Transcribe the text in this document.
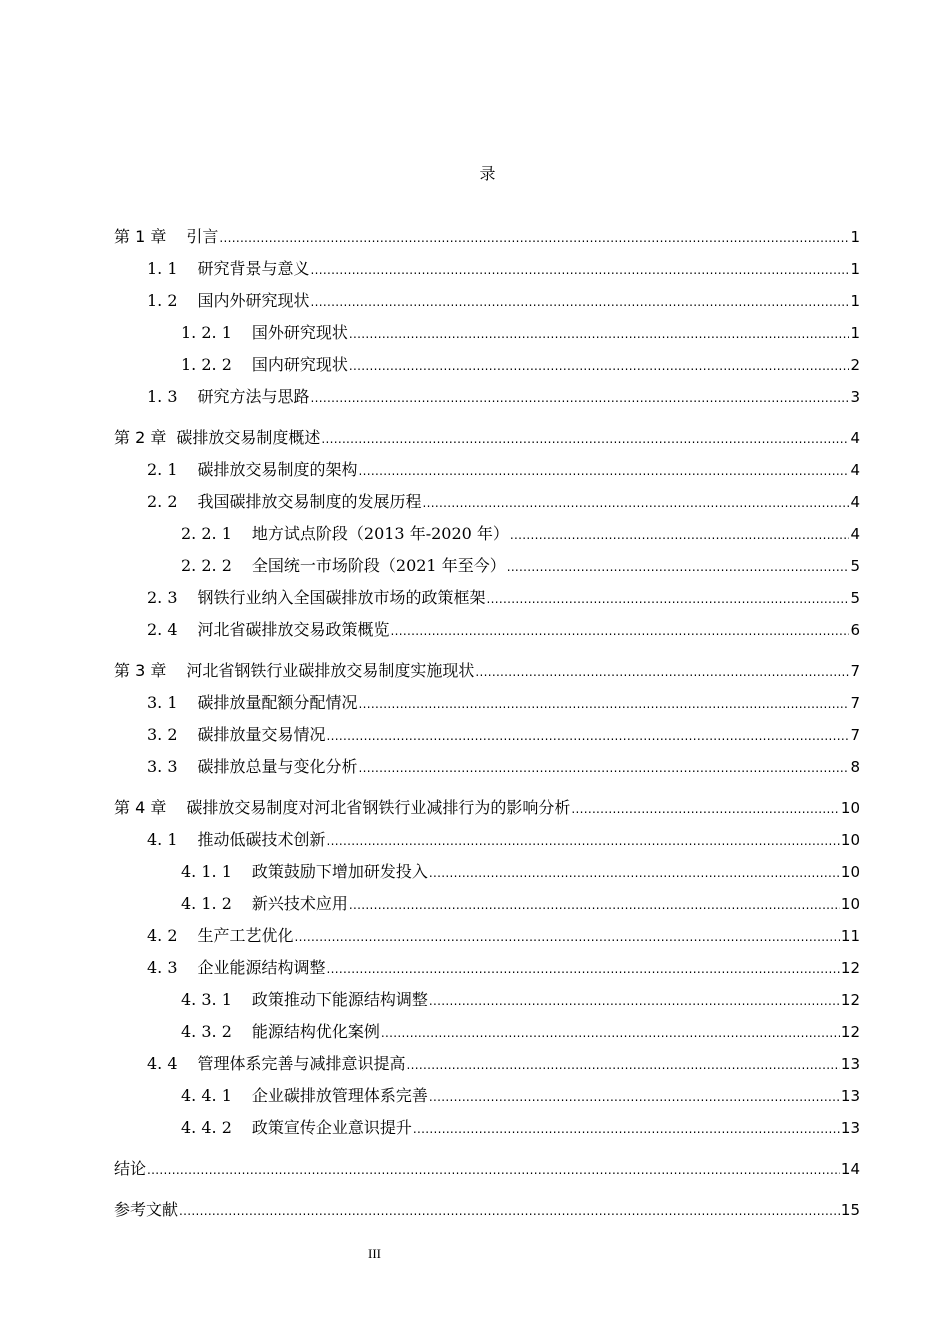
录
第 1 章 引言 .....	1
1. 1 研究背景与意义 .....	1
1. 2 国内外研究现状 .....	1
1. 2. 1 国外研究现状 .....	1
1. 2. 2 国内研究现状 .....	2
1. 3 研究方法与思路 .....	3
第 2 章 碳排放交易制度概述 .....	4
2. 1 碳排放交易制度的架构 .....	4
2. 2 我国碳排放交易制度的发展历程 .....	4
2. 2. 1 地方试点阶段（2013 年-2020 年） .....	4
2. 2. 2 全国统一市场阶段（2021 年至今） .....	5
2. 3 钢铁行业纳入全国碳排放市场的政策框架 .....	5
2. 4 河北省碳排放交易政策概览 .....	6
第 3 章 河北省钢铁行业碳排放交易制度实施现状 .....	7
3. 1 碳排放量配额分配情况 .....	7
3. 2 碳排放量交易情况 .....	7
3. 3 碳排放总量与变化分析 .....	8
第 4 章 碳排放交易制度对河北省钢铁行业减排行为的影响分析 .....	10
4. 1 推动低碳技术创新 .....	10
4. 1. 1 政策鼓励下增加研发投入 .....	10
4. 1. 2 新兴技术应用 .....	10
4. 2 生产工艺优化 .....	11
4. 3 企业能源结构调整 .....	12
4. 3. 1 政策推动下能源结构调整 .....	12
4. 3. 2 能源结构优化案例 .....	12
4. 4 管理体系完善与减排意识提高 .....	13
4. 4. 1 企业碳排放管理体系完善 .....	13
4. 4. 2 政策宣传企业意识提升 .....	13
结论 .....	14
参考文献 .....	15
III
